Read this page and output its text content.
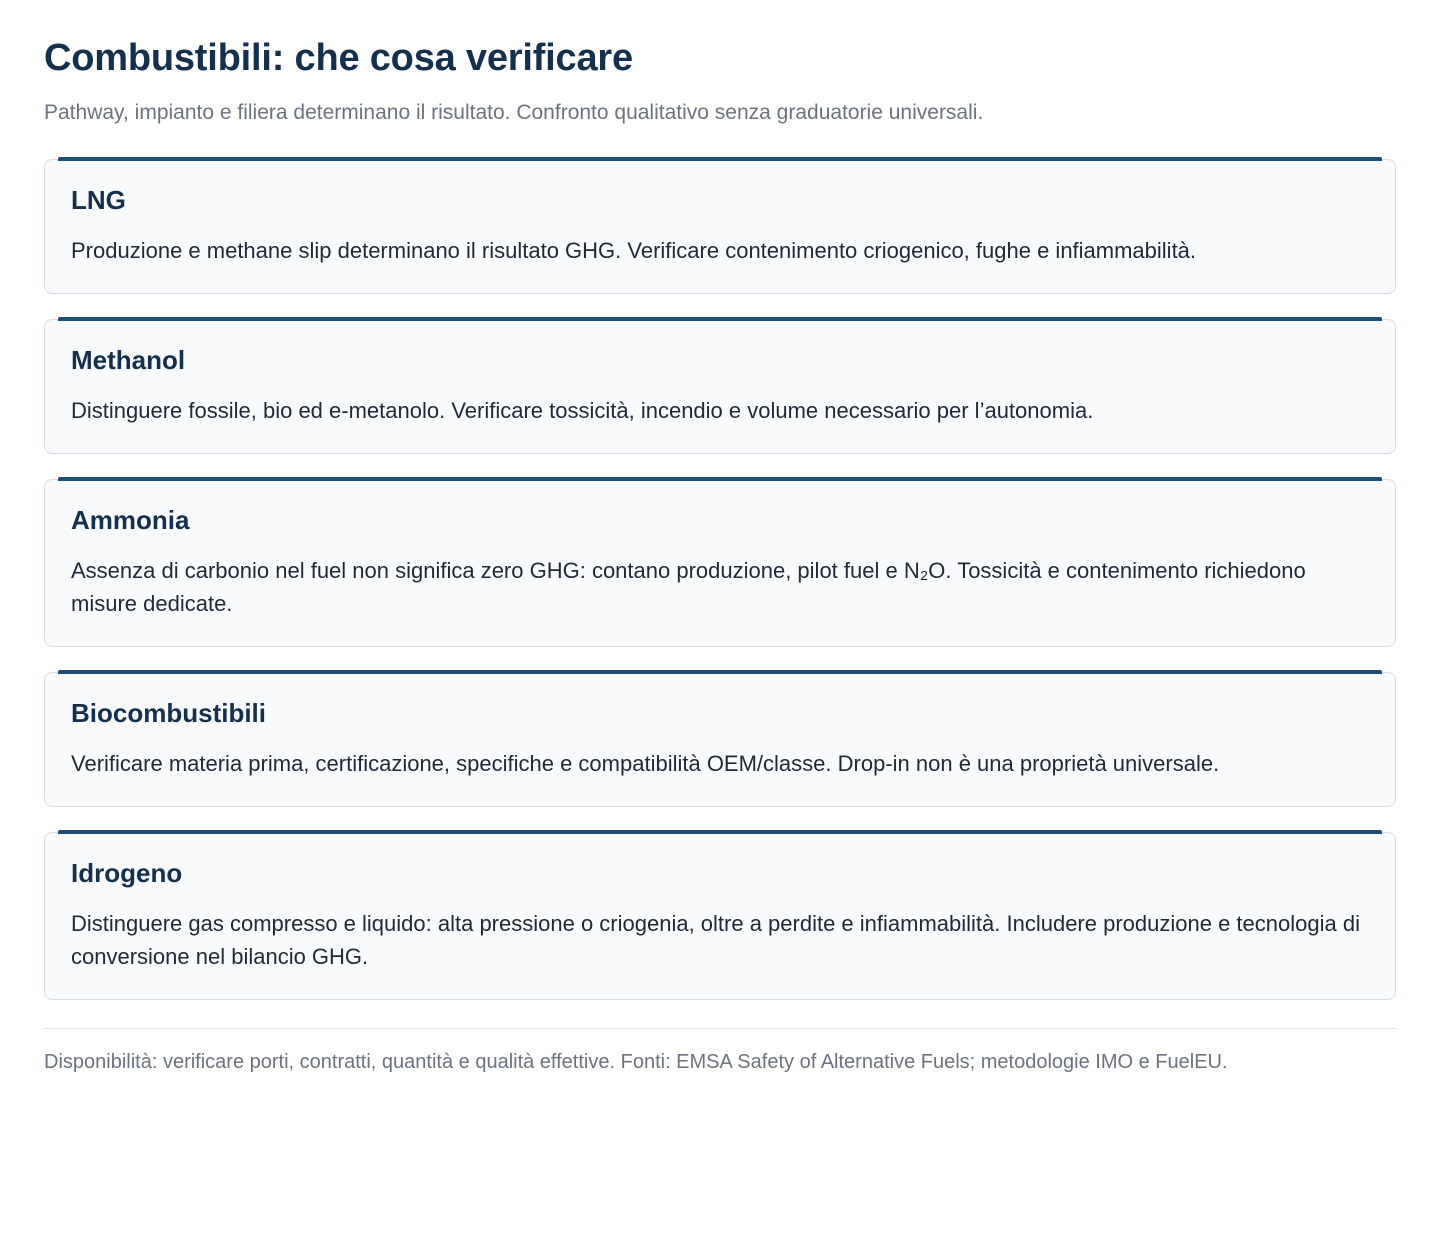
Combustibili: che cosa verificare

Pathway, impianto e filiera determinano il risultato. Confronto qualitativo senza graduatorie universali.

LNG

Produzione e methane slip determinano il risultato GHG. Verificare contenimento criogenico, fughe e infiammabilità.

Methanol

Distinguere fossile, bio ed e-metanolo. Verificare tossicità, incendio e volume necessario per l’autonomia.

Ammonia

Assenza di carbonio nel fuel non significa zero GHG: contano produzione, pilot fuel e N₂O. Tossicità e contenimento richiedono misure dedicate.

Biocombustibili

Verificare materia prima, certificazione, specifiche e compatibilità OEM/classe. Drop-in non è una proprietà universale.

Idrogeno

Distinguere gas compresso e liquido: alta pressione o criogenia, oltre a perdite e infiammabilità. Includere produzione e tecnologia di conversione nel bilancio GHG.

Disponibilità: verificare porti, contratti, quantità e qualità effettive. Fonti: EMSA Safety of Alternative Fuels; metodologie IMO e FuelEU.
